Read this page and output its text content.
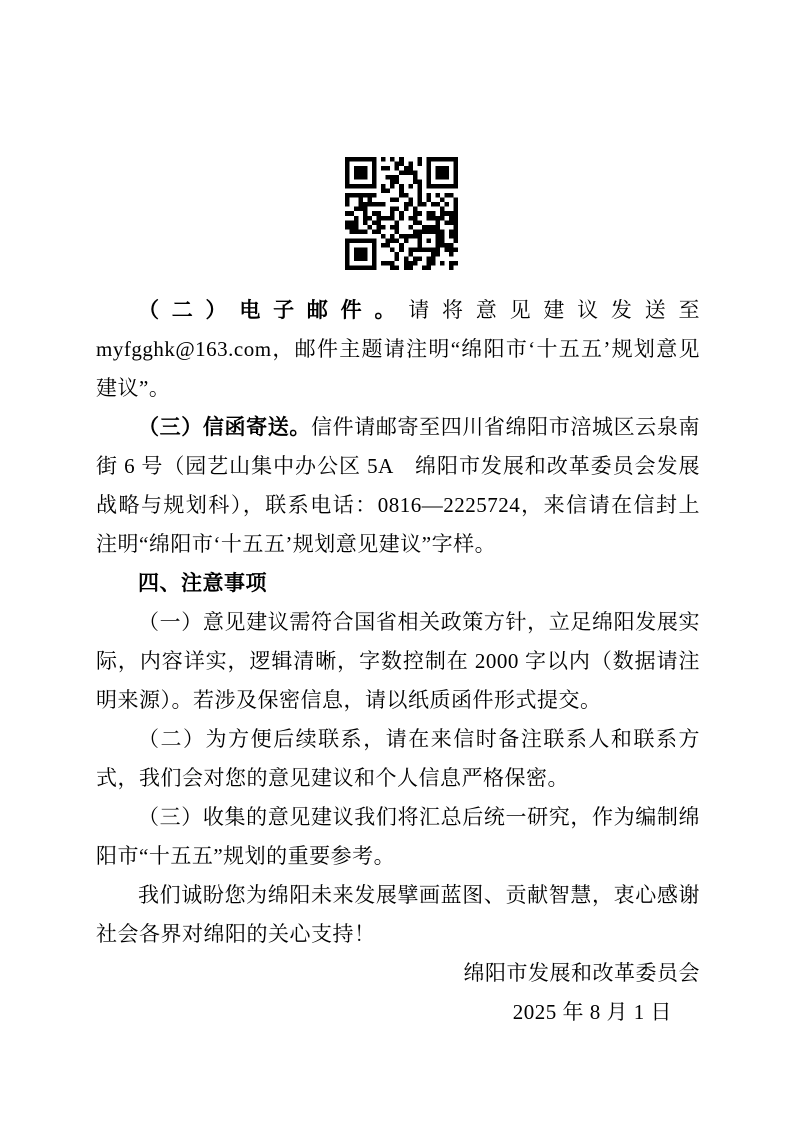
（二）电子邮件。请将意见建议发送至 myfgghk@163.com，邮件主题请注明“绵阳市‘十五五’规划意见建议”。

（三）信函寄送。信件请邮寄至四川省绵阳市涪城区云泉南街 6 号（园艺山集中办公区 5A　绵阳市发展和改革委员会发展战略与规划科），联系电话：0816—2225724，来信请在信封上注明“绵阳市‘十五五’规划意见建议”字样。

四、注意事项

（一）意见建议需符合国省相关政策方针，立足绵阳发展实际，内容详实，逻辑清晰，字数控制在 2000 字以内（数据请注明来源）。若涉及保密信息，请以纸质函件形式提交。

（二）为方便后续联系，请在来信时备注联系人和联系方式，我们会对您的意见建议和个人信息严格保密。

（三）收集的意见建议我们将汇总后统一研究，作为编制绵阳市“十五五”规划的重要参考。

我们诚盼您为绵阳未来发展擘画蓝图、贡献智慧，衷心感谢社会各界对绵阳的关心支持！

绵阳市发展和改革委员会
2025 年 8 月 1 日
